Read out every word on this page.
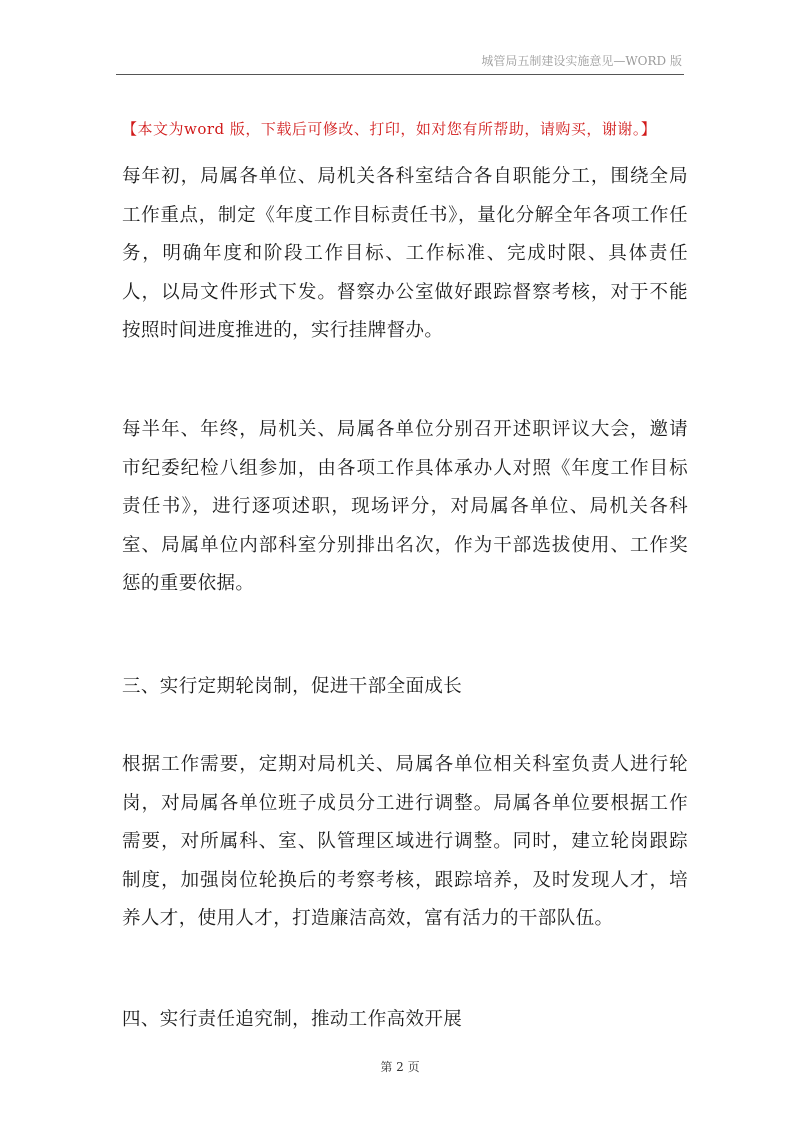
城管局五制建设实施意见—WORD 版
【本文为word 版，下载后可修改、打印，如对您有所帮助，请购买，谢谢。】
每年初，局属各单位、局机关各科室结合各自职能分工，围绕全局工作重点，制定《年度工作目标责任书》，量化分解全年各项工作任务，明确年度和阶段工作目标、工作标准、完成时限、具体责任人，以局文件形式下发。督察办公室做好跟踪督察考核，对于不能按照时间进度推进的，实行挂牌督办。
每半年、年终，局机关、局属各单位分别召开述职评议大会，邀请市纪委纪检八组参加，由各项工作具体承办人对照《年度工作目标责任书》，进行逐项述职，现场评分，对局属各单位、局机关各科室、局属单位内部科室分别排出名次，作为干部选拔使用、工作奖惩的重要依据。
三、实行定期轮岗制，促进干部全面成长
根据工作需要，定期对局机关、局属各单位相关科室负责人进行轮岗，对局属各单位班子成员分工进行调整。局属各单位要根据工作需要，对所属科、室、队管理区域进行调整。同时，建立轮岗跟踪制度，加强岗位轮换后的考察考核，跟踪培养，及时发现人才，培养人才，使用人才，打造廉洁高效，富有活力的干部队伍。
四、实行责任追究制，推动工作高效开展
第 2 页
